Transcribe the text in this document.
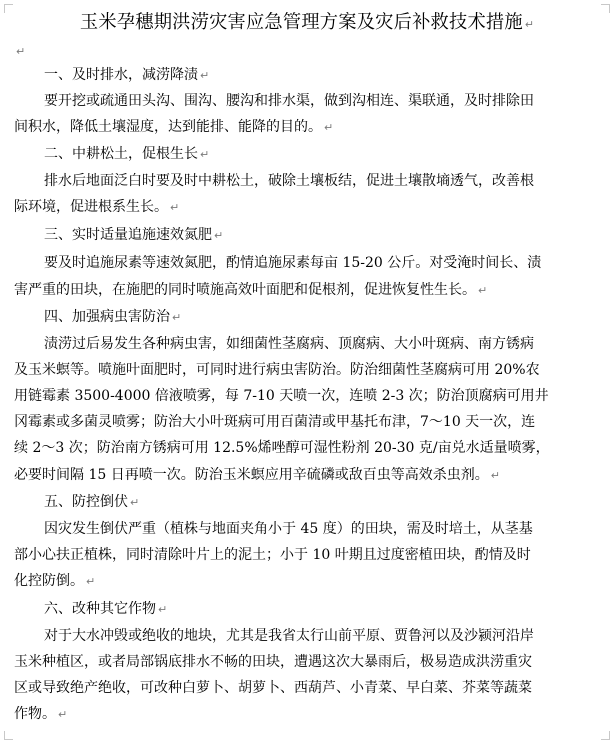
玉米孕穗期洪涝灾害应急管理方案及灾后补救技术措施 ↵
↵
一、及时排水，减涝降渍 ↵
要开挖或疏通田头沟、围沟、腰沟和排水渠，做到沟相连、渠联通，及时排除田
间积水，降低土壤湿度，达到能排、能降的目的。 ↵
二、中耕松土，促根生长 ↵
排水后地面泛白时要及时中耕松土，破除土壤板结，促进土壤散墒透气，改善根
际环境，促进根系生长。 ↵
三、实时适量追施速效氮肥 ↵
要及时追施尿素等速效氮肥，酌情追施尿素每亩 15-20 公斤。对受淹时间长、渍
害严重的田块，在施肥的同时喷施高效叶面肥和促根剂，促进恢复性生长。 ↵
四、加强病虫害防治 ↵
渍涝过后易发生各种病虫害，如细菌性茎腐病、顶腐病、大小叶斑病、南方锈病
及玉米螟等。喷施叶面肥时，可同时进行病虫害防治。防治细菌性茎腐病可用 20%农
用链霉素 3500-4000 倍液喷雾，每 7-10 天喷一次，连喷 2-3 次；防治顶腐病可用井
冈霉素或多菌灵喷雾；防治大小叶斑病可用百菌清或甲基托布津，7～10 天一次，连
续 2～3 次；防治南方锈病可用 12.5%烯唑醇可湿性粉剂 20-30 克/亩兑水适量喷雾，
必要时间隔 15 日再喷一次。防治玉米螟应用辛硫磷或敌百虫等高效杀虫剂。 ↵
五、防控倒伏 ↵
因灾发生倒伏严重（植株与地面夹角小于 45 度）的田块，需及时培土，从茎基
部小心扶正植株，同时清除叶片上的泥土；小于 10 叶期且过度密植田块，酌情及时
化控防倒。 ↵
六、改种其它作物 ↵
对于大水冲毁或绝收的地块，尤其是我省太行山前平原、贾鲁河以及沙颍河沿岸
玉米种植区，或者局部锅底排水不畅的田块，遭遇这次大暴雨后，极易造成洪涝重灾
区或导致绝产绝收，可改种白萝卜、胡萝卜、西葫芦、小青菜、早白菜、芥菜等蔬菜
作物。 ↵
